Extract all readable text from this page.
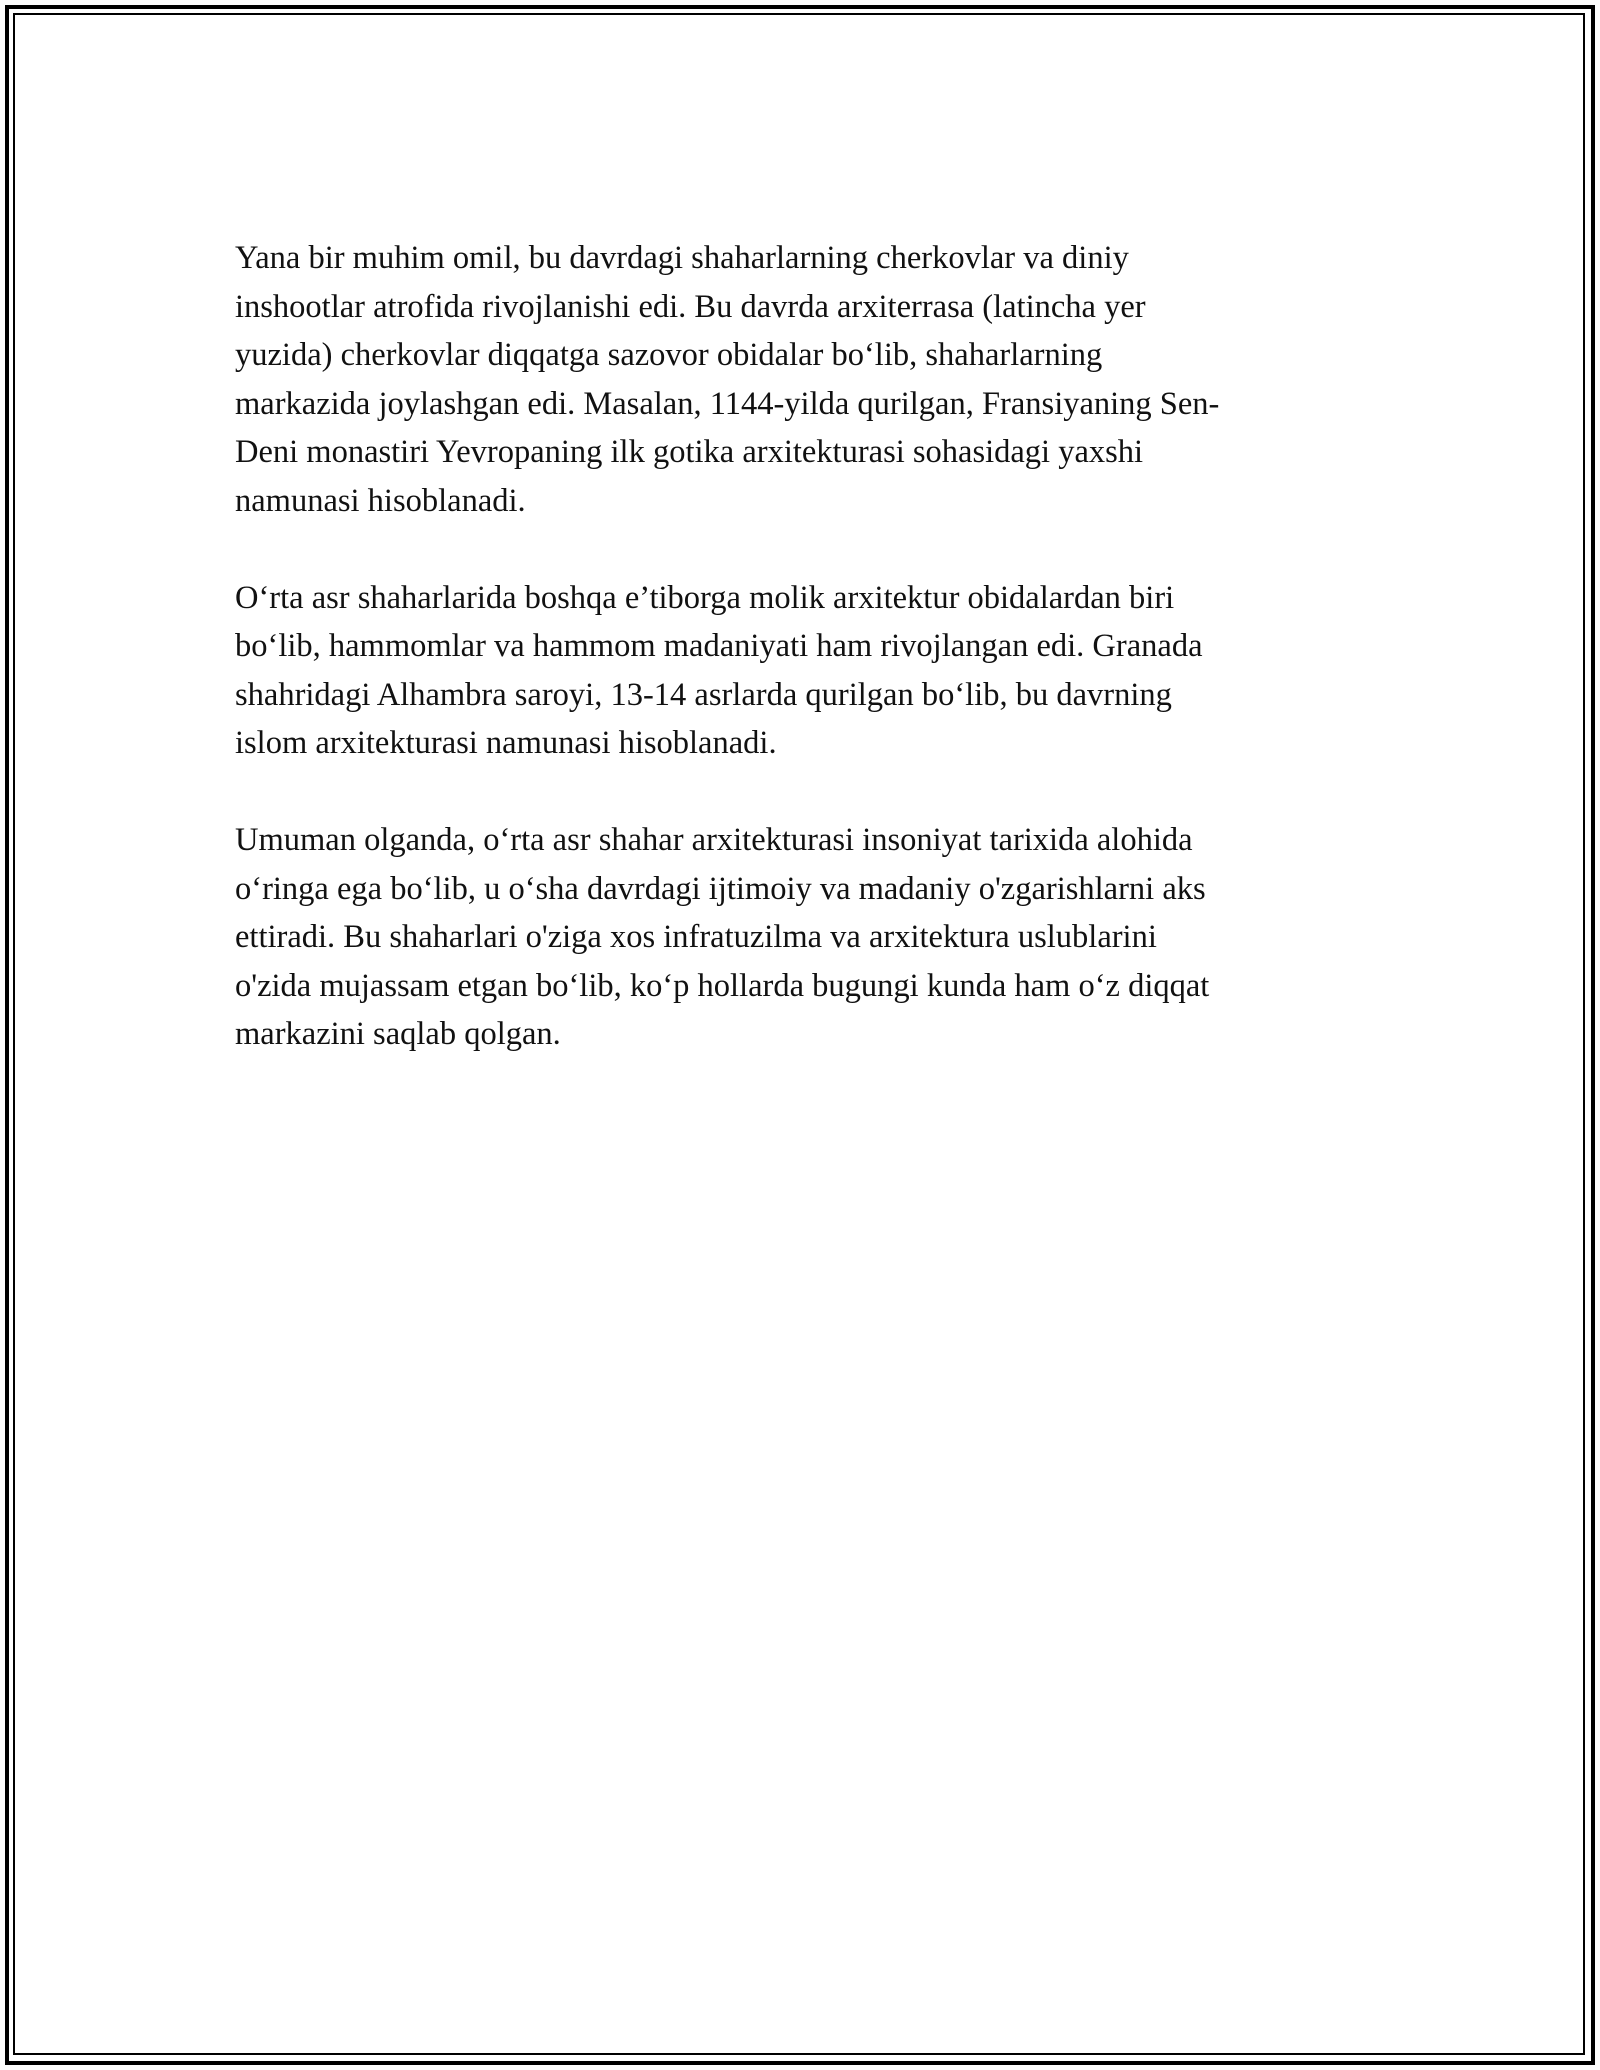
Yana bir muhim omil, bu davrdagi shaharlarning cherkovlar va diniy
inshootlar atrofida rivojlanishi edi. Bu davrda arxiterrasa (latincha yer
yuzida) cherkovlar diqqatga sazovor obidalar bo‘lib, shaharlarning
markazida joylashgan edi. Masalan, 1144-yilda qurilgan, Fransiyaning Sen-
Deni monastiri Yevropaning ilk gotika arxitekturasi sohasidagi yaxshi
namunasi hisoblanadi.

O‘rta asr shaharlarida boshqa e’tiborga molik arxitektur obidalardan biri
bo‘lib, hammomlar va hammom madaniyati ham rivojlangan edi. Granada
shahridagi Alhambra saroyi, 13-14 asrlarda qurilgan bo‘lib, bu davrning
islom arxitekturasi namunasi hisoblanadi.

Umuman olganda, o‘rta asr shahar arxitekturasi insoniyat tarixida alohida
o‘ringa ega bo‘lib, u o‘sha davrdagi ijtimoiy va madaniy o'zgarishlarni aks
ettiradi. Bu shaharlari o'ziga xos infratuzilma va arxitektura uslublarini
o'zida mujassam etgan bo‘lib, ko‘p hollarda bugungi kunda ham o‘z diqqat
markazini saqlab qolgan.
